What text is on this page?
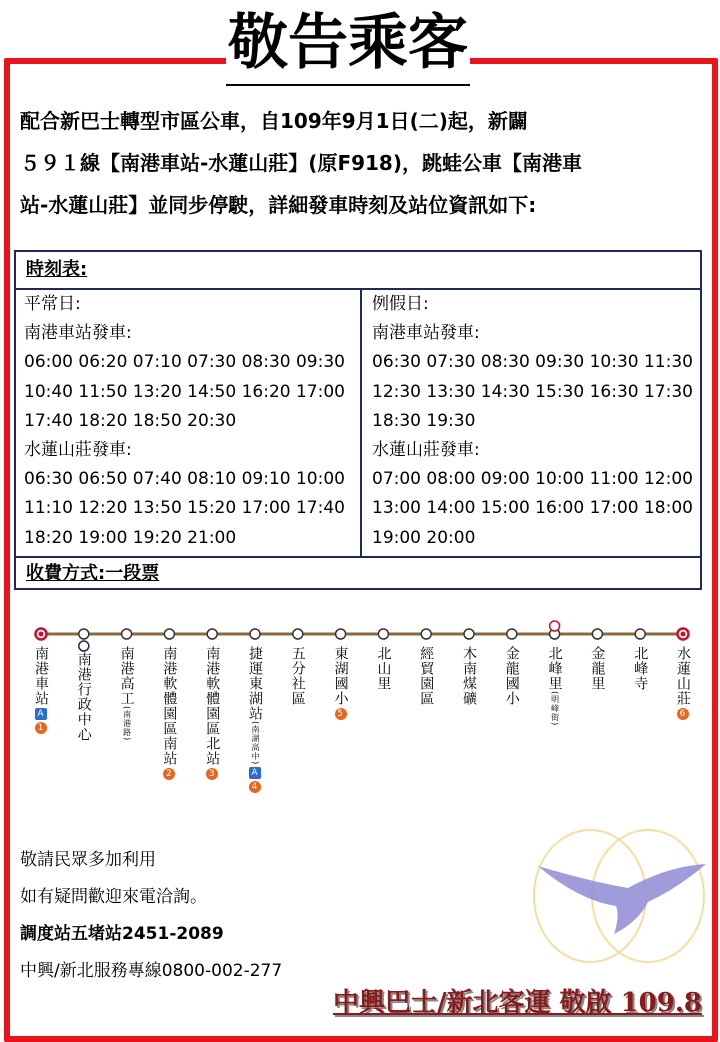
敬告乘客
配合新巴士轉型市區公車，自109年9月1日(二)起，新闢
５９１線【南港車站-水蓮山莊】(原F918)，跳蛙公車【南港車
站-水蓮山莊】並同步停駛，詳細發車時刻及站位資訊如下:
時刻表:
平常日:
南港車站發車:
06:00 06:20 07:10 07:30 08:30 09:30
10:40 11:50 13:20 14:50 16:20 17:00
17:40 18:20 18:50 20:30
水蓮山莊發車:
06:30 06:50 07:40 08:10 09:10 10:00
11:10 12:20 13:50 15:20 17:00 17:40
18:20 19:00 19:20 21:00
例假日:
南港車站發車:
06:30 07:30 08:30 09:30 10:30 11:30
12:30 13:30 14:30 15:30 16:30 17:30
18:30 19:30
水蓮山莊發車:
07:00 08:00 09:00 10:00 11:00 12:00
13:00 14:00 15:00 16:00 17:00 18:00
19:00 20:00
收費方式:一段票
南港車站A1	南港行政中心 南港高工(南港路) 南港軟體園區南站2
南港軟體園區北站3
捷運東湖站(南湖高中)A4
五分社區 東湖國小5
北山里 經貿園區 木南煤礦 金龍國小 北峰里(明峰街)
金龍里 北峰寺 水蓮山莊6
敬請民眾多加利用
如有疑問歡迎來電洽詢。
調度站五堵站2451-2089
中興/新北服務專線0800-002-277
中興巴士/新北客運 敬啟 109.8
